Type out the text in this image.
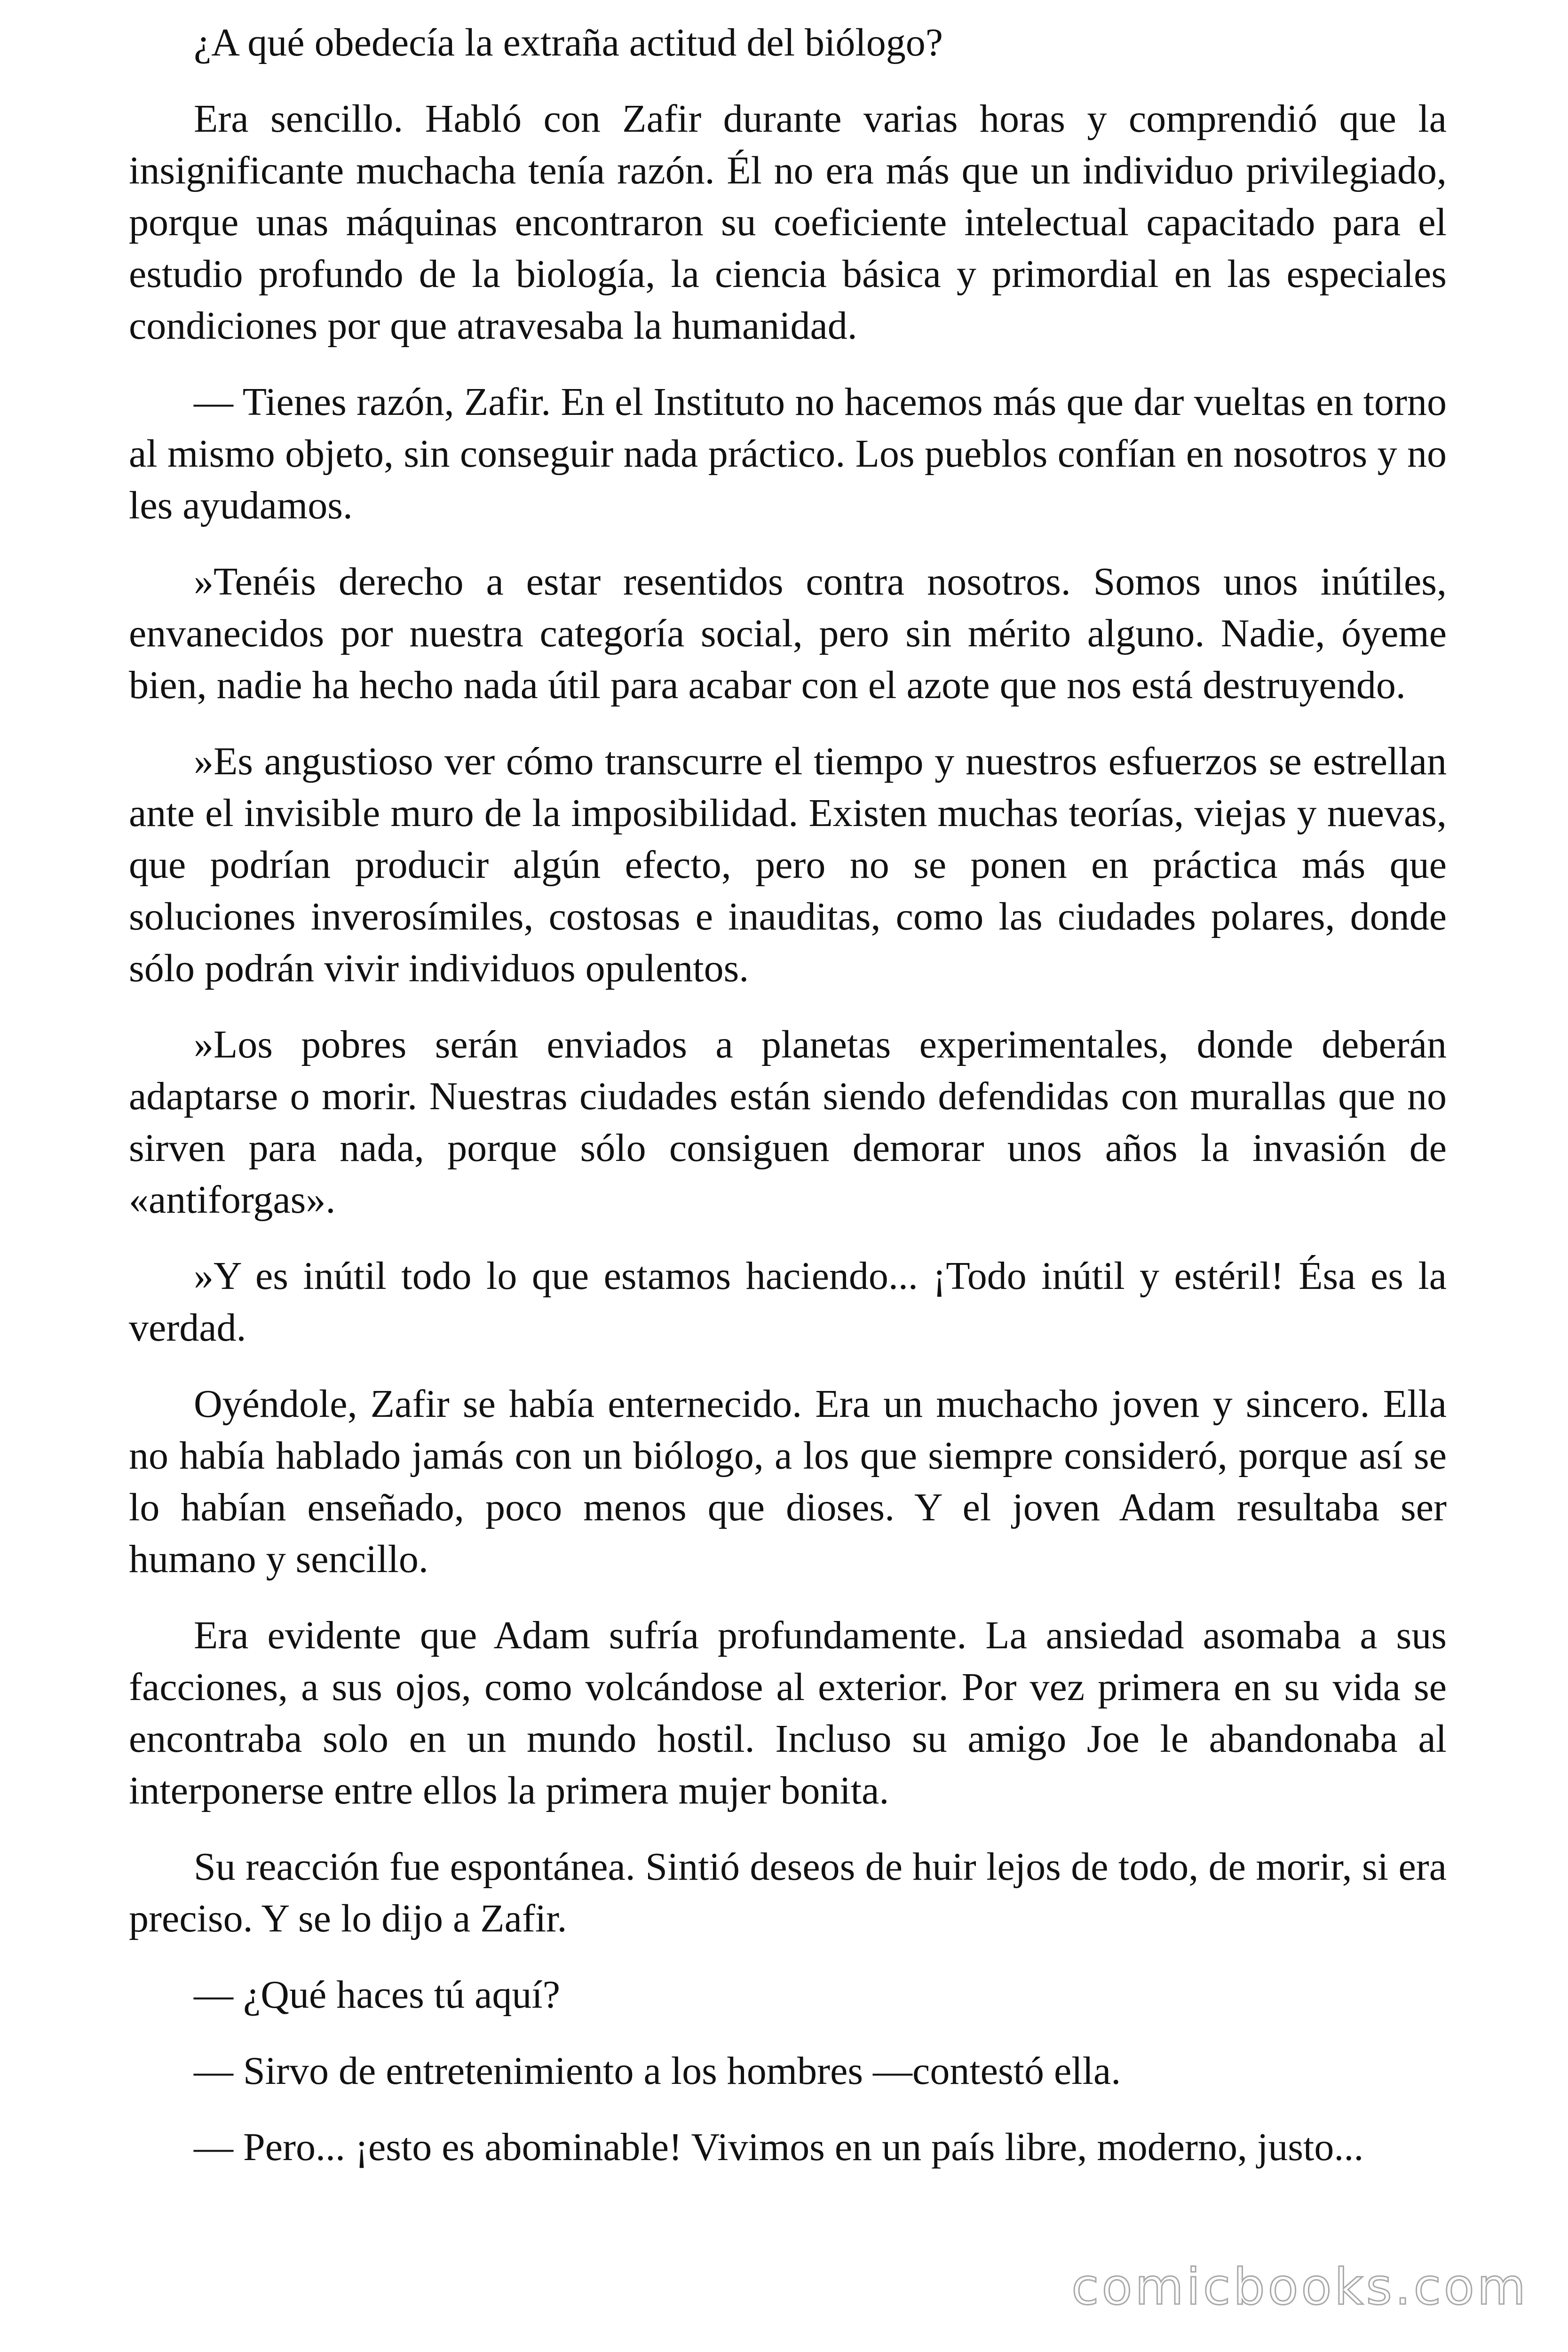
¿A qué obedecía la extraña actitud del biólogo?

Era sencillo. Habló con Zafir durante varias horas y comprendió que la insignificante muchacha tenía razón. Él no era más que un individuo privilegiado, porque unas máquinas encontraron su coeficiente intelectual capacitado para el estudio profundo de la biología, la ciencia básica y primordial en las especiales condiciones por que atravesaba la humanidad.

— Tienes razón, Zafir. En el Instituto no hacemos más que dar vueltas en torno al mismo objeto, sin conseguir nada práctico. Los pueblos confían en nosotros y no les ayudamos.

»Tenéis derecho a estar resentidos contra nosotros. Somos unos inútiles, envanecidos por nuestra categoría social, pero sin mérito alguno. Nadie, óyeme bien, nadie ha hecho nada útil para acabar con el azote que nos está destruyendo.

»Es angustioso ver cómo transcurre el tiempo y nuestros esfuerzos se estrellan ante el invisible muro de la imposibilidad. Existen muchas teorías, viejas y nuevas, que podrían producir algún efecto, pero no se ponen en práctica más que soluciones inverosímiles, costosas e inauditas, como las ciudades polares, donde sólo podrán vivir individuos opulentos.

»Los pobres serán enviados a planetas experimentales, donde deberán adaptarse o morir. Nuestras ciudades están siendo defendidas con murallas que no sirven para nada, porque sólo consiguen demorar unos años la invasión de «antiforgas».

»Y es inútil todo lo que estamos haciendo... ¡Todo inútil y estéril! Ésa es la verdad.

Oyéndole, Zafir se había enternecido. Era un muchacho joven y sincero. Ella no había hablado jamás con un biólogo, a los que siempre consideró, porque así se lo habían enseñado, poco menos que dioses. Y el joven Adam resultaba ser humano y sencillo.

Era evidente que Adam sufría profundamente. La ansiedad asomaba a sus facciones, a sus ojos, como volcándose al exterior. Por vez primera en su vida se encontraba solo en un mundo hostil. Incluso su amigo Joe le abandonaba al interponerse entre ellos la primera mujer bonita.

Su reacción fue espontánea. Sintió deseos de huir lejos de todo, de morir, si era preciso. Y se lo dijo a Zafir.

— ¿Qué haces tú aquí?

— Sirvo de entretenimiento a los hombres —contestó ella.

— Pero... ¡esto es abominable! Vivimos en un país libre, moderno, justo...

comicbooks.com
